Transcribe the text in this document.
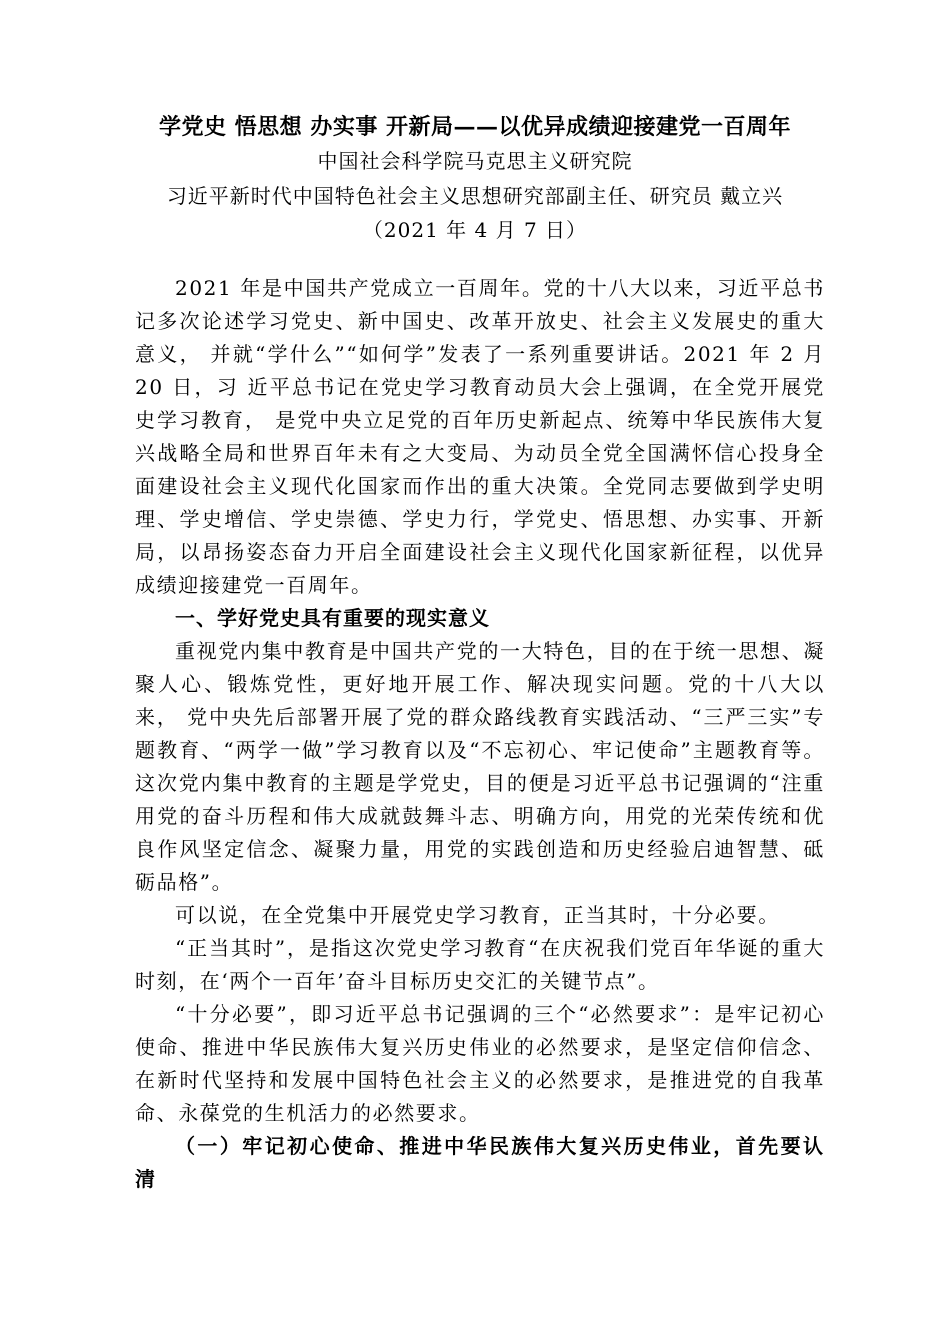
学党史 悟思想 办实事 开新局——以优异成绩迎接建党一百周年
中国社会科学院马克思主义研究院
习近平新时代中国特色社会主义思想研究部副主任、研究员 戴立兴
（2021 年 4 月 7 日）

2021 年是中国共产党成立一百周年。党的十八大以来，习近平总书记多次论述学习党史、新中国史、改革开放史、社会主义发展史的重大意义， 并就“学什么”“如何学”发表了一系列重要讲话。2021 年 2 月 20 日，习 近平总书记在党史学习教育动员大会上强调，在全党开展党史学习教育， 是党中央立足党的百年历史新起点、统筹中华民族伟大复兴战略全局和世界百年未有之大变局、为动员全党全国满怀信心投身全面建设社会主义现代化国家而作出的重大决策。全党同志要做到学史明理、学史增信、学史崇德、学史力行，学党史、悟思想、办实事、开新局，以昂扬姿态奋力开启全面建设社会主义现代化国家新征程，以优异成绩迎接建党一百周年。

一、学好党史具有重要的现实意义

重视党内集中教育是中国共产党的一大特色，目的在于统一思想、凝聚人心、锻炼党性，更好地开展工作、解决现实问题。党的十八大以来， 党中央先后部署开展了党的群众路线教育实践活动、“三严三实”专题教育、“两学一做”学习教育以及“不忘初心、牢记使命”主题教育等。这次党内集中教育的主题是学党史，目的便是习近平总书记强调的“注重用党的奋斗历程和伟大成就鼓舞斗志、明确方向，用党的光荣传统和优良作风坚定信念、凝聚力量，用党的实践创造和历史经验启迪智慧、砥砺品格”。

可以说，在全党集中开展党史学习教育，正当其时，十分必要。

“正当其时”，是指这次党史学习教育“在庆祝我们党百年华诞的重大时刻，在‘两个一百年’奋斗目标历史交汇的关键节点”。

“十分必要”，即习近平总书记强调的三个“必然要求”：是牢记初心使命、推进中华民族伟大复兴历史伟业的必然要求，是坚定信仰信念、在新时代坚持和发展中国特色社会主义的必然要求，是推进党的自我革命、永葆党的生机活力的必然要求。

（一）牢记初心使命、推进中华民族伟大复兴历史伟业，首先要认清
